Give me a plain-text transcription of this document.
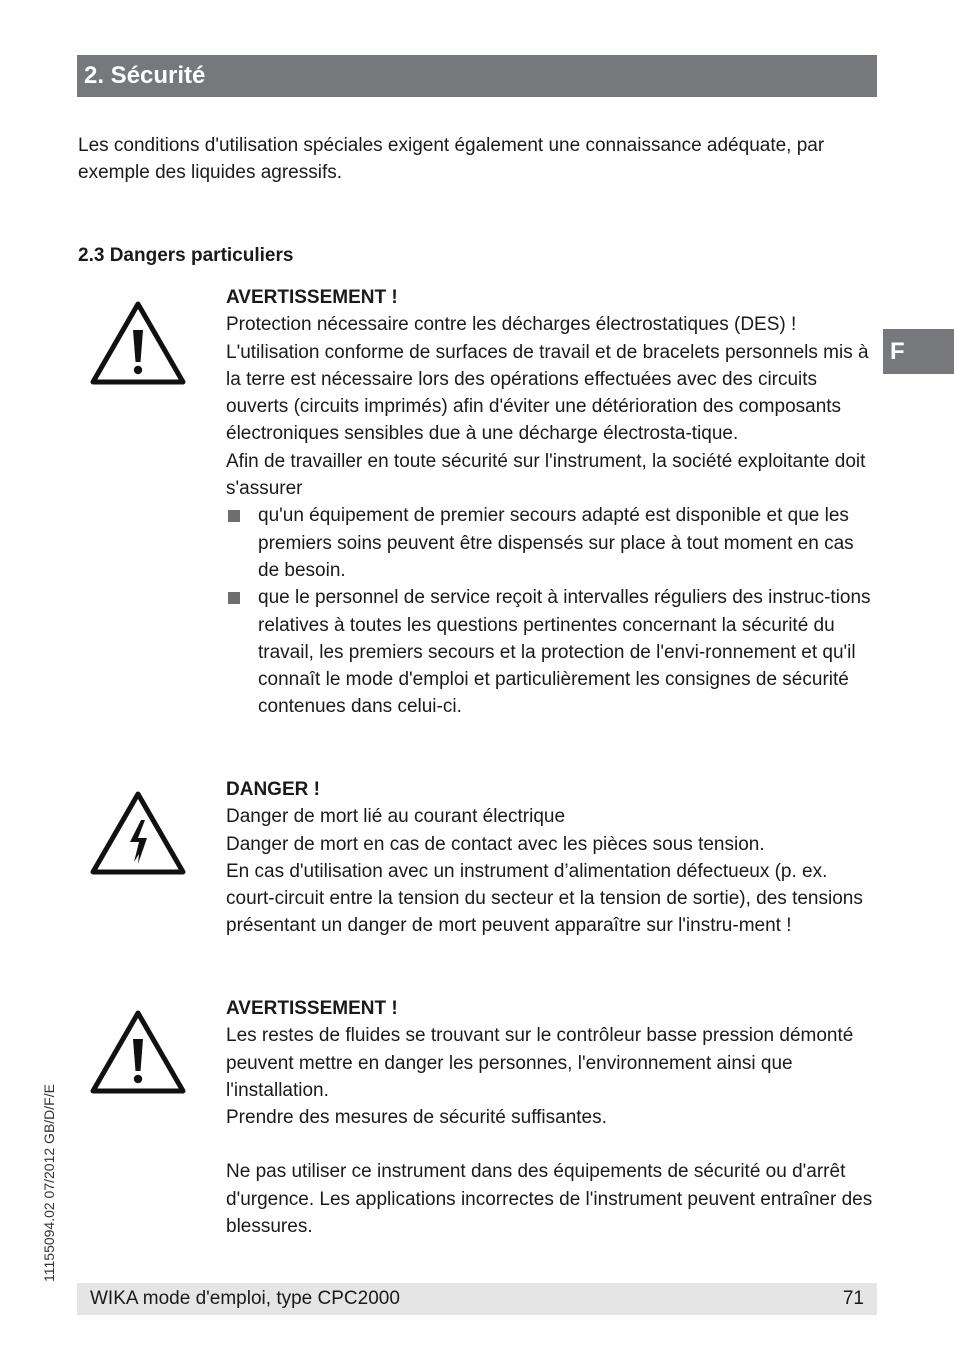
2. Sécurité
Les conditions d'utilisation spéciales exigent également une connaissance adéquate, par exemple des liquides agressifs.
2.3 Dangers particuliers
F

AVERTISSEMENT !

Protection nécessaire contre les décharges électrostatiques (DES) !

L'utilisation conforme de surfaces de travail et de bracelets personnels mis à la terre est nécessaire lors des opérations effectuées avec des circuits ouverts (circuits imprimés) afin d'éviter une détérioration des composants électroniques sensibles due à une décharge électrosta-tique.

Afin de travailler en toute sécurité sur l'instrument, la société exploitante doit s'assurer

qu'un équipement de premier secours adapté est disponible et que les premiers soins peuvent être dispensés sur place à tout moment en cas de besoin.
que le personnel de service reçoit à intervalles réguliers des instruc-tions relatives à toutes les questions pertinentes concernant la sécurité du travail, les premiers secours et la protection de l'envi-ronnement et qu'il connaît le mode d'emploi et particulièrement les consignes de sécurité contenues dans celui-ci.

DANGER !

Danger de mort lié au courant électrique

Danger de mort en cas de contact avec les pièces sous tension.

En cas d'utilisation avec un instrument d’alimentation défectueux (p. ex. court-circuit entre la tension du secteur et la tension de sortie), des tensions présentant un danger de mort peuvent apparaître sur l'instru-ment !

AVERTISSEMENT !

Les restes de fluides se trouvant sur le contrôleur basse pression démonté peuvent mettre en danger les personnes, l'environnement ainsi que l'installation.

Prendre des mesures de sécurité suffisantes.

Ne pas utiliser ce instrument dans des équipements de sécurité ou d'arrêt d'urgence. Les applications incorrectes de l'instrument peuvent entraîner des blessures.

11155094.02 07/2012 GB/D/F/E
WIKA mode d'emploi, type CPC2000	71
